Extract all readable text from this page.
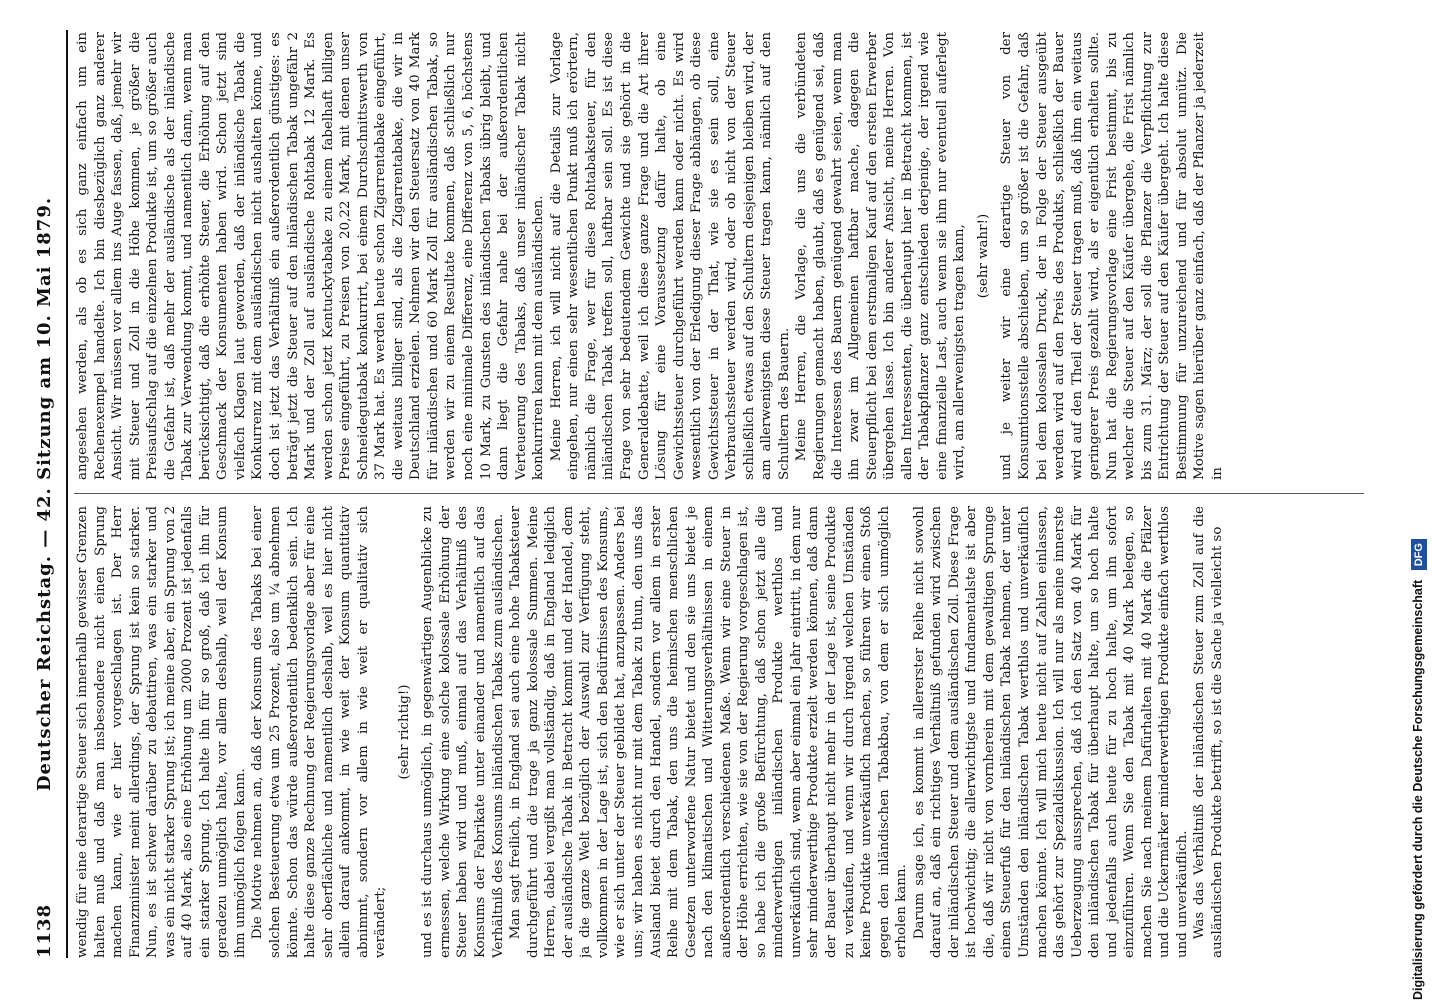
1138
Deutscher Reichstag. — 42. Sitzung am 10. Mai 1879. wendig für eine derartige Steuer sich innerhalb gewisser Grenzen halten muß und daß man insbesondere nicht einen Sprung machen kann, wie er hier vorgeschlagen ist. Der Herr Finanzminister meint allerdings, der Sprung ist kein so starker. Nun, es ist schwer darüber zu debattiren, was ein starker und was ein nicht starker Sprung ist; ich meine aber, ein Sprung von 2 auf 40 Mark, also eine Erhöhung um 2000 Prozent ist jedenfalls ein starker Sprung. Ich halte ihn für so groß, daß ich ihn für geradezu unmöglich halte, vor allem deshalb, weil der Konsum ihm unmöglich folgen kann. Die Motive nehmen an, daß der Konsum des Tabaks bei einer solchen Besteuerung etwa um 25 Prozent, also um ¼ abnehmen könnte. Schon das würde außerordentlich bedenklich sein. Ich halte diese ganze Rechnung der Regierungsvorlage aber für eine sehr oberflächliche und namentlich deshalb, weil es hier nicht allein darauf ankommt, in wie weit der Konsum quantitativ abnimmt, sondern vor allem in wie weit er qualitativ sich verändert;

(sehr richtig!) und es ist durchaus unmöglich, in gegenwärtigen Augenblicke zu ermessen, welche Wirkung eine solche kolossale Erhöhung der Steuer haben wird und muß, einmal auf das Verhältniß des Konsums der Fabrikate unter einander und namentlich auf das Verhältniß des Konsums inländischen Tabaks zum ausländischen. Man sagt freilich, in England sei auch eine hohe Tabaksteuer durchgeführt und die trage ja ganz kolossale Summen. Meine Herren, dabei vergißt man vollständig, daß in England lediglich der ausländische Tabak in Betracht kommt und der Handel, dem ja die ganze Welt bezüglich der Auswahl zur Verfügung steht, vollkommen in der Lage ist, sich den Bedürfnissen des Konsums, wie er sich unter der Steuer gebildet hat, anzupassen. Anders bei uns; wir haben es nicht nur mit dem Tabak zu thun, den uns das Ausland bietet durch den Handel, sondern vor allem in erster Reihe mit dem Tabak, den uns die heimischen menschlichen Gesetzen unterworfene Natur bietet und den sie uns bietet je nach den klimatischen und Witterungsverhältnissen in einem außerordentlich verschiedenen Maße. Wenn wir eine Steuer in der Höhe errichten, wie sie von der Regierung vorgeschlagen ist, so habe ich die große Befürchtung, daß schon jetzt alle die minderwerthigen inländischen Produkte werthlos und unverkäuflich sind, wenn aber einmal ein Jahr eintritt, in dem nur sehr minderwerthige Produkte erzielt werden können, daß dann der Bauer überhaupt nicht mehr in der Lage ist, seine Produkte zu verkaufen, und wenn wir durch irgend welchen Umständen keine Produkte unverkäuflich machen, so führen wir einen Stoß gegen den inländischen Tabakbau, von dem er sich unmöglich erholen kann. Darum sage ich, es kommt in allererster Reihe nicht sowohl darauf an, daß ein richtiges Verhältniß gefunden wird zwischen der inländischen Steuer und dem ausländischen Zoll. Diese Frage ist hochwichtig; die allerwichtigste und fundamentalste ist aber die, daß wir nicht von vornherein mit dem gewaltigen Sprunge einen Steuerfuß für den inländischen Tabak nehmen, der unter Umständen den inländischen Tabak werthlos und unverkäuflich machen könnte. Ich will mich heute nicht auf Zahlen einlassen, das gehört zur Spezialdiskussion. Ich will nur als meine innerste Ueberzeugung aussprechen, daß ich den Satz von 40 Mark für den inländischen Tabak für überhaupt halte, um so hoch halte und jedenfalls auch heute für zu hoch halte, um ihn sofort einzuführen. Wenn Sie den Tabak mit 40 Mark belegen, so machen Sie nach meinem Dafürhalten mit 40 Mark die Pfälzer und die Uckermärker minderwerthigen Produkte einfach werthlos und unverkäuflich. Was das Verhältniß der inländischen Steuer zum Zoll auf die ausländischen Produkte betrifft, so ist die Sache ja vielleicht so

angesehen werden, als ob es sich ganz einfach um ein Rechenexempel handelte. Ich bin diesbezüglich ganz anderer Ansicht. Wir müssen vor allem ins Auge fassen, daß, jemehr wir mit Steuer und Zoll in die Höhe kommen, je größer die Preisaufschlag auf die einzelnen Produkte ist, um so größer auch die Gefahr ist, daß mehr der ausländische als der inländische Tabak zur Verwendung kommt, und namentlich dann, wenn man berücksichtigt, daß die erhöhte Steuer, die Erhöhung auf den Geschmack der Konsumenten haben wird. Schon jetzt sind vielfach Klagen laut geworden, daß der inländische Tabak die Konkurrenz mit dem ausländischen nicht aushalten könne, und doch ist jetzt das Verhältniß ein außerordentlich günstiges: es beträgt jetzt die Steuer auf den inländischen Tabak ungefähr 2 Mark und der Zoll auf ausländische Rohtabak 12 Mark. Es werden schon jetzt Kentuckytabake zu einem fabelhaft billigen Preise eingeführt, zu Preisen von 20,22 Mark, mit denen unser Schneidegutabak konkurrirt, bei einem Durchschnittswerth von 37 Mark hat. Es werden heute schon Zigarrentabake eingeführt, die weitaus billiger sind, als die Zigarrentabake, die wir in Deutschland erzielen. Nehmen wir den Steuersatz von 40 Mark für inländischen und 60 Mark Zoll für ausländischen Tabak, so werden wir zu einem Resultate kommen, daß schließlich nur noch eine minimale Differenz, eine Differenz von 5, 6, höchstens 10 Mark, zu Gunsten des inländischen Tabaks übrig bleibt, und dann liegt die Gefahr nahe bei der außerordentlichen Verteuerung des Tabaks, daß unser inländischer Tabak nicht konkurriren kann mit dem ausländischen. Meine Herren, ich will nicht auf die Details zur Vorlage eingehen, nur einen sehr wesentlichen Punkt muß ich erörtern, nämlich die Frage, wer für diese Rohtabaksteuer, für den inländischen Tabak treffen soll, haftbar sein soll. Es ist diese Frage von sehr bedeutendem Gewichte und sie gehört in die Generaldebatte, weil ich diese ganze Frage und die Art ihrer Lösung für eine Voraussetzung dafür halte, ob eine Gewichtssteuer durchgeführt werden kann oder nicht. Es wird wesentlich von der Erledigung dieser Frage abhängen, ob diese Gewichtssteuer in der That, wie sie es sein soll, eine Verbrauchssteuer werden wird, oder ob nicht von der Steuer schließlich etwas auf den Schultern desjenigen bleiben wird, der am allerwenigsten diese Steuer tragen kann, nämlich auf den Schultern des Bauern. Meine Herren, die Vorlage, die uns die verbündeten Regierungen gemacht haben, glaubt, daß es genügend sei, daß die Interessen des Bauern genügend gewahrt seien, wenn man ihn zwar im Allgemeinen haftbar mache, dagegen die Steuerpflicht bei dem erstmaligen Kauf auf den ersten Erwerber übergehen lasse. Ich bin anderer Ansicht, meine Herren. Von allen Interessenten, die überhaupt hier in Betracht kommen, ist der Tabakpflanzer ganz entschieden derjenige, der irgend wie eine finanzielle Last, auch wenn sie ihm nur eventuell auferlegt wird, am allerwenigsten tragen kann, (sehr wahr!) und je weiter wir eine derartige Steuer von der Konsumtionsstelle abschieben, um so größer ist die Gefahr, daß bei dem kolossalen Druck, der in Folge der Steuer ausgeübt werden wird auf den Preis des Produkts, schließlich der Bauer wird auf den Theil der Steuer tragen muß, daß ihm ein weitaus geringerer Preis gezahlt wird, als er eigentlich erhalten sollte. Nun hat die Regierungsvorlage eine Frist bestimmt, bis zu welcher die Steuer auf den Käufer übergehe, die Frist nämlich bis zum 31. März; der soll die Pflanzer die Verpflichtung zur Entrichtung der Steuer auf den Käufer übergeht. Ich halte diese Bestimmung für unzureichend und für absolut unnütz. Die Motive sagen hierüber ganz einfach, daß der Pflanzer ja jederzeit in

Digitalisierung gefördert durch die Deutsche Forschungsgemeinschaft DFG
